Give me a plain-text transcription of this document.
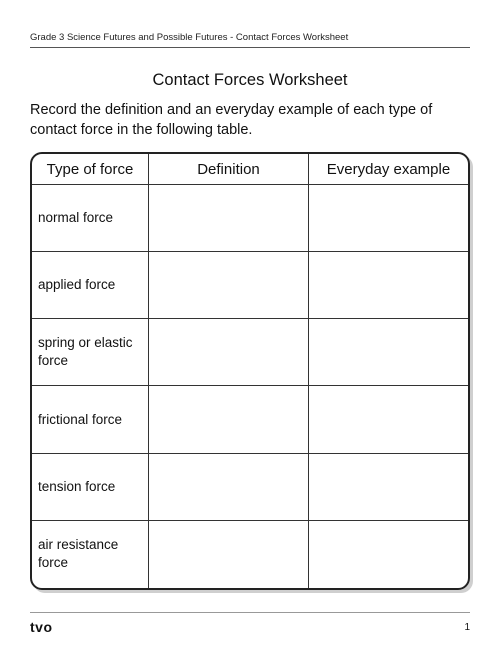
Grade 3 Science Futures and Possible Futures - Contact Forces Worksheet
Contact Forces Worksheet
Record the definition and an everyday example of each type of contact force in the following table.
Type of force	Definition	Everyday example
normal force
applied force
spring or elastic force
frictional force
tension force
air resistance force
tvo	1
